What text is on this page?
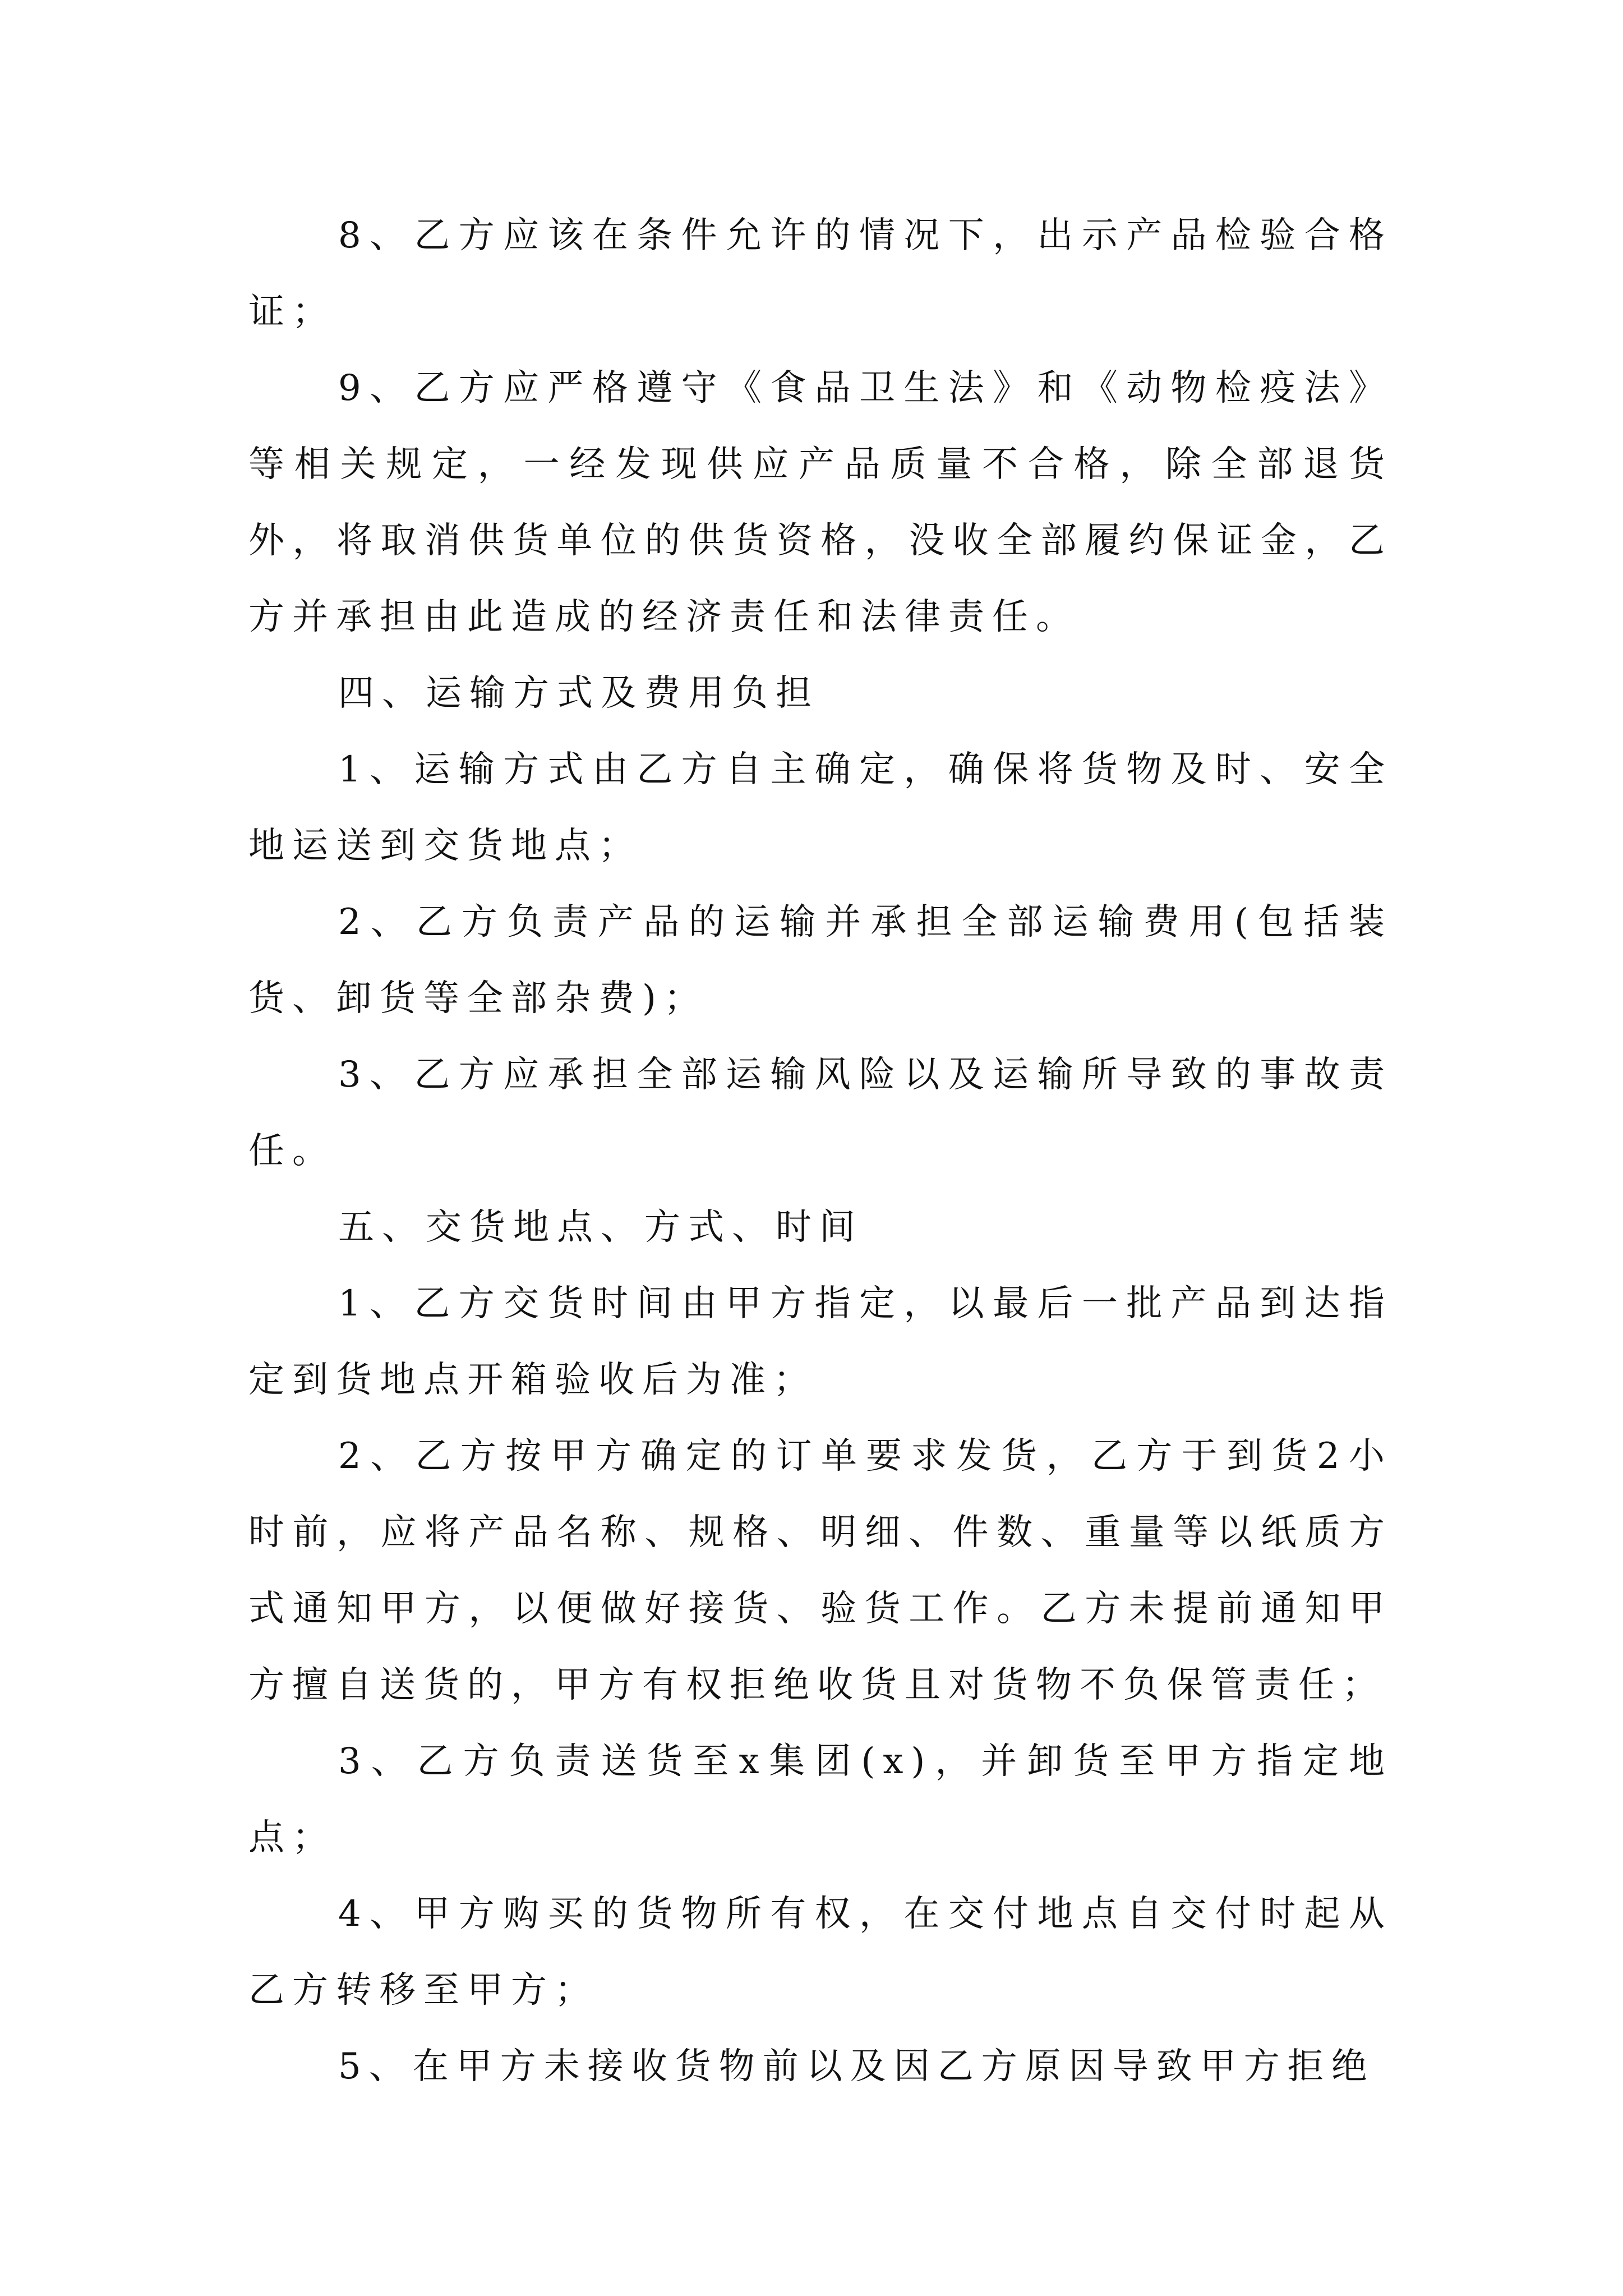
8、乙方应该在条件允许的情况下，出示产品检验合格证；

9、乙方应严格遵守《食品卫生法》和《动物检疫法》等相关规定，一经发现供应产品质量不合格，除全部退货外，将取消供货单位的供货资格，没收全部履约保证金，乙方并承担由此造成的经济责任和法律责任。

四、运输方式及费用负担

1、运输方式由乙方自主确定，确保将货物及时、安全地运送到交货地点；

2、乙方负责产品的运输并承担全部运输费用(包括装货、卸货等全部杂费)；

3、乙方应承担全部运输风险以及运输所导致的事故责任。

五、交货地点、方式、时间

1、乙方交货时间由甲方指定，以最后一批产品到达指定到货地点开箱验收后为准；

2、乙方按甲方确定的订单要求发货，乙方于到货2小时前，应将产品名称、规格、明细、件数、重量等以纸质方式通知甲方，以便做好接货、验货工作。乙方未提前通知甲方擅自送货的，甲方有权拒绝收货且对货物不负保管责任；

3、乙方负责送货至x集团(x)，并卸货至甲方指定地点；

4、甲方购买的货物所有权，在交付地点自交付时起从乙方转移至甲方；

5、在甲方未接收货物前以及因乙方原因导致甲方拒绝
